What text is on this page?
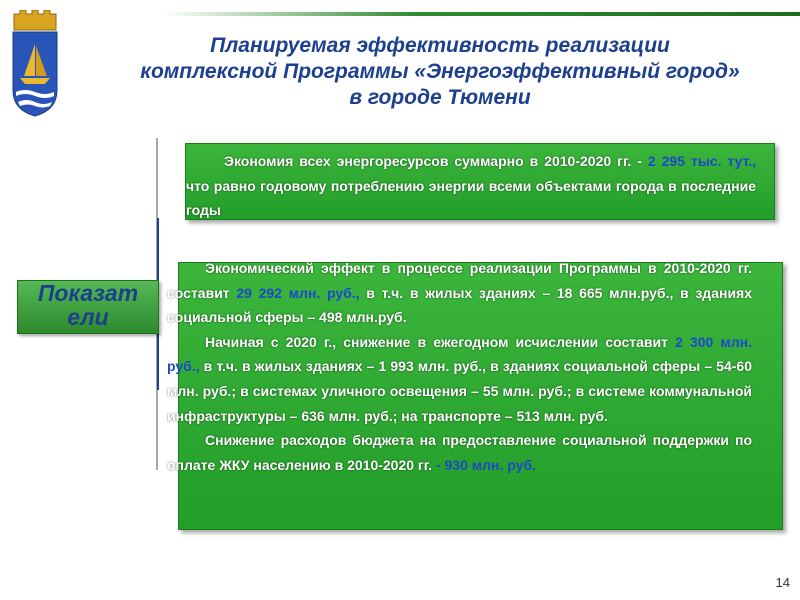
Планируемая эффективность реализации
комплексной Программы «Энергоэффективный город»
в городе Тюмени
Показат
ели

Экономия всех энергоресурсов суммарно в 2010-2020 гг. - 2 295 тыс. тут., что равно годовому потреблению энергии всеми объектами города в последние годы

Экономический эффект в процессе реализации Программы в 2010-2020 гг. составит 29 292 млн. руб., в т.ч. в жилых зданиях – 18 665 млн.руб., в зданиях социальной сферы – 498 млн.руб.

Начиная с 2020 г., снижение в ежегодном исчислении составит 2 300 млн. руб., в т.ч. в жилых зданиях – 1 993 млн. руб., в зданиях социальной сферы – 54-60 млн. руб.; в системах уличного освещения – 55 млн. руб.; в системе коммунальной инфраструктуры – 636 млн. руб.; на транспорте – 513 млн. руб.

Снижение расходов бюджета на предоставление социальной поддержки по оплате ЖКУ населению в 2010-2020 гг. - 930 млн. руб.

14
